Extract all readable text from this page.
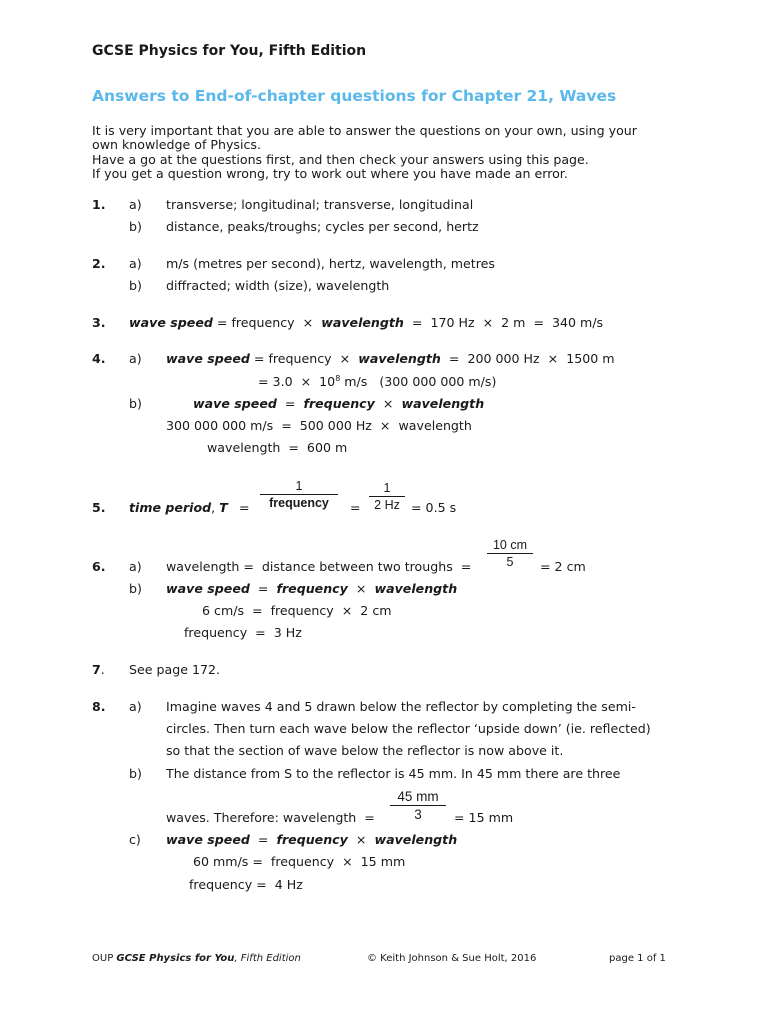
GCSE Physics for You, Fifth Edition
Answers to End-of-chapter questions for Chapter 21, Waves
It is very important that you are able to answer the questions on your own, using your
own knowledge of Physics.
Have a go at the questions first, and then check your answers using this page.
If you get a question wrong, try to work out where you have made an error.
1. a) transverse; longitudinal; transverse, longitudinal
b) distance, peaks/troughs; cycles per second, hertz
2. a) m/s (metres per second), hertz, wavelength, metres
b) diffracted; width (size), wavelength
3. wave speed = frequency  ×  wavelength  =  170 Hz  ×  2 m  =  340 m/s
4. a) wave speed = frequency  ×  wavelength  =  200 000 Hz  ×  1500 m
= $3.0 \times 10^8$ m/s   (300 000 000 m/s)
b)	wave speed  =  frequency  ×  wavelength
300 000 000 m/s  =  500 000 Hz  ×  wavelength
wavelength  =  600 m
5. time period, T =
1
frequency	=
1
2 Hz = 0.5 s
6. a) wavelength =  distance between two troughs  =
10 cm
5	= 2 cm
b) wave speed  =  frequency  ×  wavelength
6 cm/s  =  frequency  ×  2 cm
frequency  =  3 Hz
7. See page 172.
8. a) Imagine waves 4 and 5 drawn below the reflector by completing the semi-
circles. Then turn each wave below the reflector ‘upside down’ (ie. reflected)
so that the section of wave below the reflector is now above it.
b) The distance from S to the reflector is 45 mm. In 45 mm there are three
waves. Therefore: wavelength  =
45 mm
3	= 15 mm
c) wave speed  =  frequency  ×  wavelength
60 mm/s =  frequency  ×  15 mm
frequency =  4 Hz
OUP GCSE Physics for You, Fifth Edition	© Keith Johnson & Sue Holt, 2016	page 1 of 1
